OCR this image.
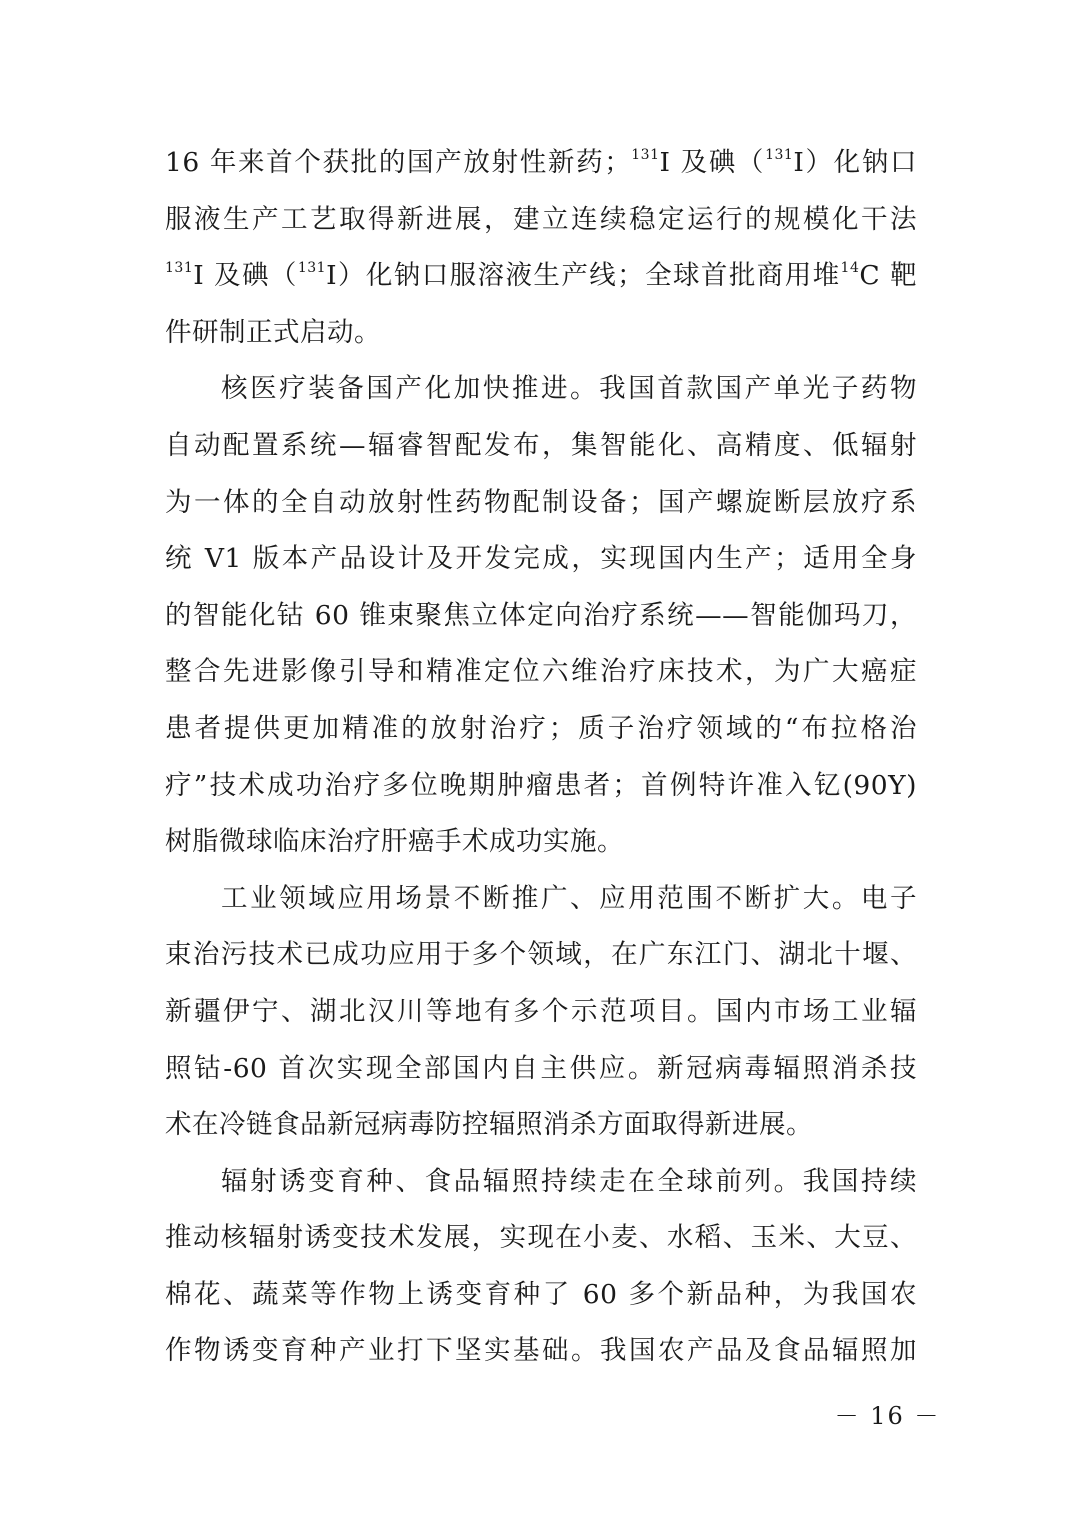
16 年来首个获批的国产放射性新药；$^{131}$I 及碘（$^{131}$I）化钠口
服液生产工艺取得新进展，建立连续稳定运行的规模化干法
$^{131}$I 及碘（$^{131}$I）化钠口服溶液生产线；全球首批商用堆$^{14}$C 靶
件研制正式启动。
核医疗装备国产化加快推进。我国首款国产单光子药物
自动配置系统—辐睿智配发布，集智能化、高精度、低辐射
为一体的全自动放射性药物配制设备；国产螺旋断层放疗系
统 V1 版本产品设计及开发完成，实现国内生产；适用全身
的智能化钴 60 锥束聚焦立体定向治疗系统——智能伽玛刀，
整合先进影像引导和精准定位六维治疗床技术，为广大癌症
患者提供更加精准的放射治疗；质子治疗领域的“布拉格治
疗”技术成功治疗多位晚期肿瘤患者；首例特许准入钇(90Y)
树脂微球临床治疗肝癌手术成功实施。
工业领域应用场景不断推广、应用范围不断扩大。电子
束治污技术已成功应用于多个领域，在广东江门、湖北十堰、
新疆伊宁、湖北汉川等地有多个示范项目。国内市场工业辐
照钴-60 首次实现全部国内自主供应。新冠病毒辐照消杀技
术在冷链食品新冠病毒防控辐照消杀方面取得新进展。
辐射诱变育种、食品辐照持续走在全球前列。我国持续
推动核辐射诱变技术发展，实现在小麦、水稻、玉米、大豆、
棉花、蔬菜等作物上诱变育种了 60 多个新品种，为我国农
作物诱变育种产业打下坚实基础。我国农产品及食品辐照加
－ 16 －
